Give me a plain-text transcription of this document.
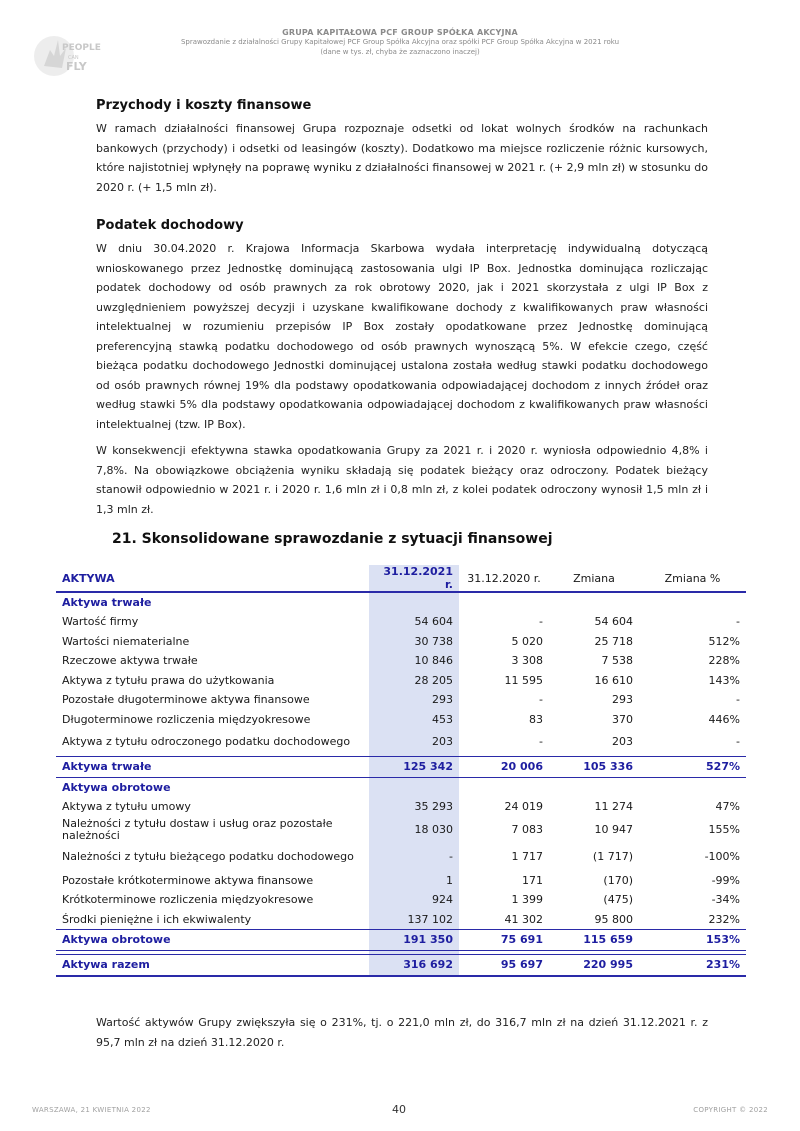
PEOPLE
CAN
FLY
GRUPA KAPITAŁOWA PCF GROUP SPÓŁKA AKCYJNA
Sprawozdanie z działalności Grupy Kapitałowej PCF Group Spółka Akcyjna oraz spółki PCF Group Spółka Akcyjna w 2021 roku
(dane w tys. zł, chyba że zaznaczono inaczej)
Przychody i koszty finansowe
W ramach działalności finansowej Grupa rozpoznaje odsetki od lokat wolnych środków na rachunkach bankowych (przychody) i odsetki od leasingów (koszty). Dodatkowo ma miejsce rozliczenie różnic kursowych, które najistotniej wpłynęły na poprawę wyniku z działalności finansowej w 2021 r. (+ 2,9 mln zł) w stosunku do 2020 r. (+ 1,5 mln zł).
Podatek dochodowy
W dniu 30.04.2020 r. Krajowa Informacja Skarbowa wydała interpretację indywidualną dotyczącą wnioskowanego przez Jednostkę dominującą zastosowania ulgi IP Box. Jednostka dominująca rozliczając podatek dochodowy od osób prawnych za rok obrotowy 2020, jak i 2021 skorzystała z ulgi IP Box z uwzględnieniem powyższej decyzji i uzyskane kwalifikowane dochody z kwalifikowanych praw własności intelektualnej w rozumieniu przepisów IP Box zostały opodatkowane przez Jednostkę dominującą preferencyjną stawką podatku dochodowego od osób prawnych wynoszącą 5%. W efekcie czego, część bieżąca podatku dochodowego Jednostki dominującej ustalona została według stawki podatku dochodowego od osób prawnych równej 19% dla podstawy opodatkowania odpowiadającej dochodom z innych źródeł oraz według stawki 5% dla podstawy opodatkowania odpowiadającej dochodom z kwalifikowanych praw własności intelektualnej (tzw. IP Box).
W konsekwencji efektywna stawka opodatkowania Grupy za 2021 r. i 2020 r. wyniosła odpowiednio 4,8% i 7,8%. Na obowiązkowe obciążenia wyniku składają się podatek bieżący oraz odroczony. Podatek bieżący stanowił odpowiednio w 2021 r. i 2020 r. 1,6 mln zł i 0,8 mln zł, z kolei podatek odroczony wynosił 1,5 mln zł i 1,3 mln zł.
21. Skonsolidowane sprawozdanie z sytuacji finansowej
AKTYWA	31.12.2021 r.	31.12.2020 r.	Zmiana	Zmiana %
Aktywa trwałe				
Wartość firmy	54 604	-	54 604	-
Wartości niematerialne	30 738	5 020	25 718	512%
Rzeczowe aktywa trwałe	10 846	3 308	7 538	228%
Aktywa z tytułu prawa do użytkowania	28 205	11 595	16 610	143%
Pozostałe długoterminowe aktywa finansowe	293	-	293	-
Długoterminowe rozliczenia międzyokresowe	453	83	370	446%
Aktywa z tytułu odroczonego podatku dochodowego	203	-	203	-
Aktywa trwałe	125 342	20 006	105 336	527%
Aktywa obrotowe				
Aktywa z tytułu umowy	35 293	24 019	11 274	47%
Należności z tytułu dostaw i usług oraz pozostałe należności	18 030	7 083	10 947	155%
Należności z tytułu bieżącego podatku dochodowego	-	1 717	(1 717)	-100%
Pozostałe krótkoterminowe aktywa finansowe	1	171	(170)	-99%
Krótkoterminowe rozliczenia międzyokresowe	924	1 399	(475)	-34%
Środki pieniężne i ich ekwiwalenty	137 102	41 302	95 800	232%
Aktywa obrotowe	191 350	75 691	115 659	153%

Aktywa razem	316 692	95 697	220 995	231%
Wartość aktywów Grupy zwiększyła się o 231%, tj. o 221,0 mln zł, do 316,7 mln zł na dzień 31.12.2021 r. z 95,7 mln zł na dzień 31.12.2020 r.
WARSZAWA, 21 KWIETNIA 2022	40	COPYRIGHT © 2022
